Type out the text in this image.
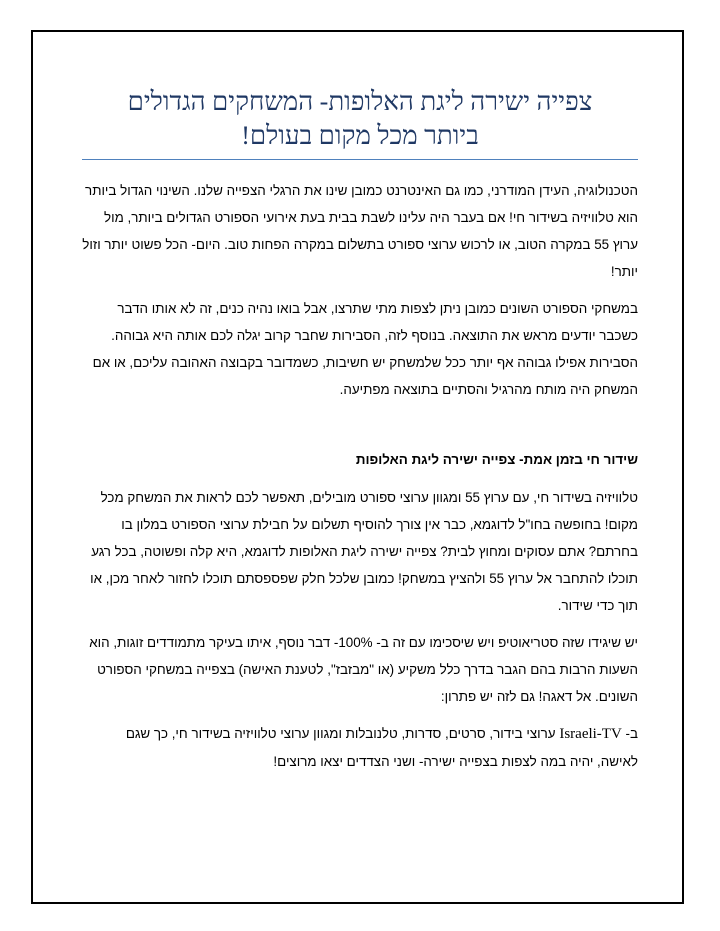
צפייה ישירה ליגת האלופות- המשחקים הגדולים
ביותר מכל מקום בעולם!

הטכנולוגיה, העידן המודרני, כמו גם האינטרנט כמובן שינו את הרגלי הצפייה שלנו. השינוי הגדול ביותר הוא טלוויזיה בשידור חי! אם בעבר היה עלינו לשבת בבית בעת אירועי הספורט הגדולים ביותר, מול ערוץ 55 במקרה הטוב, או לרכוש ערוצי ספורט בתשלום במקרה הפחות טוב. היום- הכל פשוט יותר וזול יותר!

במשחקי הספורט השונים כמובן ניתן לצפות מתי שתרצו, אבל בואו נהיה כנים, זה לא אותו הדבר כשכבר יודעים מראש את התוצאה. בנוסף לזה, הסבירות שחבר קרוב יגלה לכם אותה היא גבוהה. הסבירות אפילו גבוהה אף יותר ככל שלמשחק יש חשיבות, כשמדובר בקבוצה האהובה עליכם, או אם המשחק היה מותח מהרגיל והסתיים בתוצאה מפתיעה.

שידור חי בזמן אמת- צפייה ישירה ליגת האלופות

טלוויזיה בשידור חי, עם ערוץ 55 ומגוון ערוצי ספורט מובילים, תאפשר לכם לראות את המשחק מכל מקום! בחופשה בחו"ל לדוגמא, כבר אין צורך להוסיף תשלום על חבילת ערוצי הספורט במלון בו בחרתם? אתם עסוקים ומחוץ לבית? צפייה ישירה ליגת האלופות לדוגמא, היא קלה ופשוטה, בכל רגע תוכלו להתחבר אל ערוץ 55 ולהציץ במשחק! כמובן שלכל חלק שפספסתם תוכלו לחזור לאחר מכן, או תוך כדי שידור.

יש שיגידו שזה סטריאוטיפ ויש שיסכימו עם זה ב- 100%- דבר נוסף, איתו בעיקר מתמודדים זוגות, הוא השעות הרבות בהם הגבר בדרך כלל משקיע (או "מבזבז", לטענת האישה) בצפייה במשחקי הספורט השונים. אל דאגה! גם לזה יש פתרון:

ב- Israeli-TV ערוצי בידור, סרטים, סדרות, טלנובלות ומגוון ערוצי טלוויזיה בשידור חי, כך שגם לאישה, יהיה במה לצפות בצפייה ישירה- ושני הצדדים יצאו מרוצים!
